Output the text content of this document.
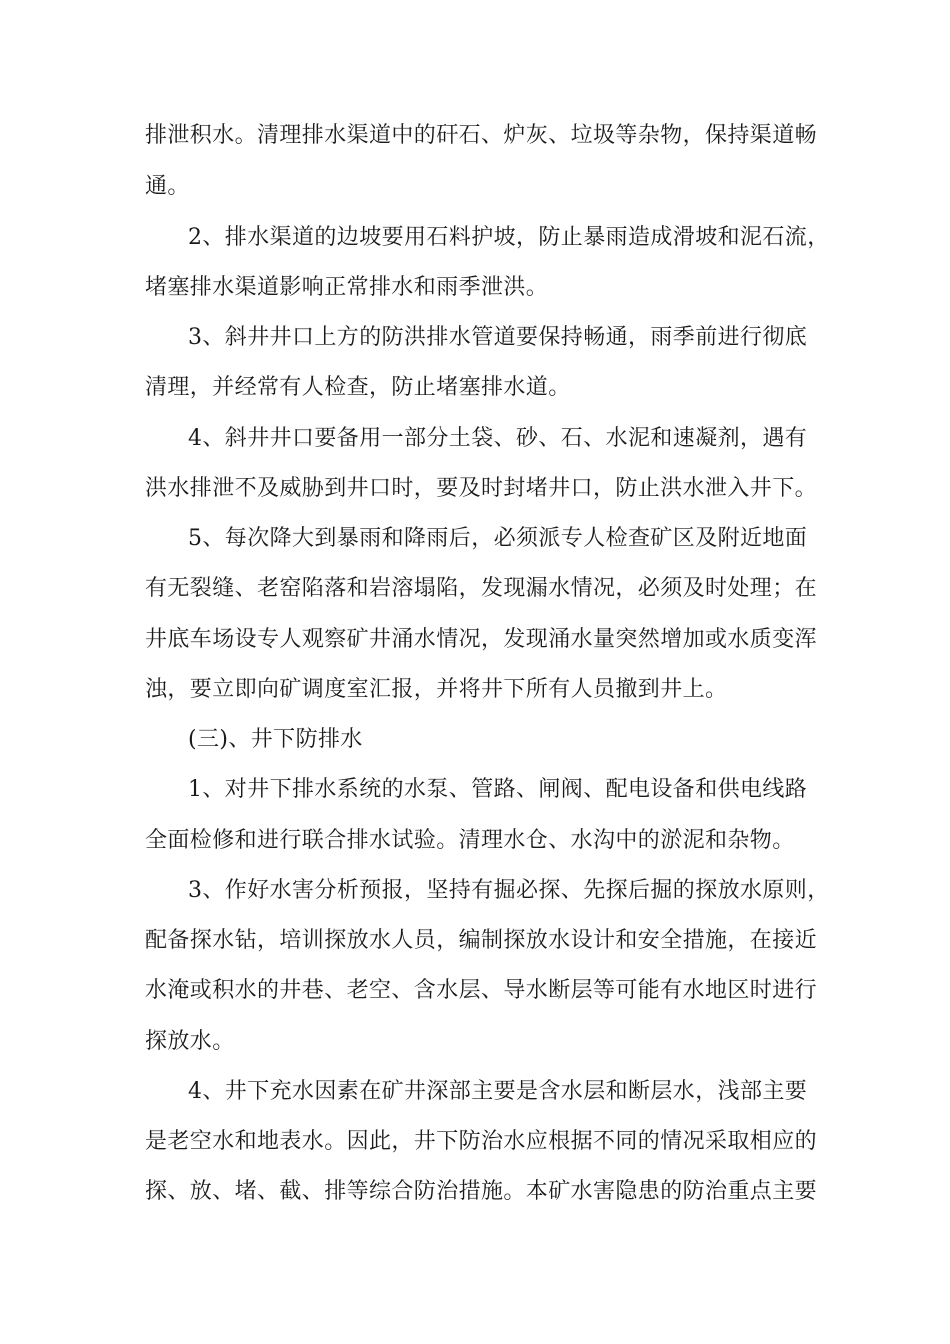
排泄积水。清理排水渠道中的矸石、炉灰、垃圾等杂物，保持渠道畅
通。
2、排水渠道的边坡要用石料护坡，防止暴雨造成滑坡和泥石流，
堵塞排水渠道影响正常排水和雨季泄洪。
3、斜井井口上方的防洪排水管道要保持畅通，雨季前进行彻底
清理，并经常有人检查，防止堵塞排水道。
4、斜井井口要备用一部分土袋、砂、石、水泥和速凝剂，遇有
洪水排泄不及威胁到井口时，要及时封堵井口，防止洪水泄入井下。
5、每次降大到暴雨和降雨后，必须派专人检查矿区及附近地面
有无裂缝、老窑陷落和岩溶塌陷，发现漏水情况，必须及时处理；在
井底车场设专人观察矿井涌水情况，发现涌水量突然增加或水质变浑
浊，要立即向矿调度室汇报，并将井下所有人员撤到井上。
(三)、井下防排水
1、对井下排水系统的水泵、管路、闸阀、配电设备和供电线路
全面检修和进行联合排水试验。清理水仓、水沟中的淤泥和杂物。
3、作好水害分析预报，坚持有掘必探、先探后掘的探放水原则，
配备探水钻，培训探放水人员，编制探放水设计和安全措施，在接近
水淹或积水的井巷、老空、含水层、导水断层等可能有水地区时进行
探放水。
4、井下充水因素在矿井深部主要是含水层和断层水，浅部主要
是老空水和地表水。因此，井下防治水应根据不同的情况采取相应的
探、放、堵、截、排等综合防治措施。本矿水害隐患的防治重点主要
